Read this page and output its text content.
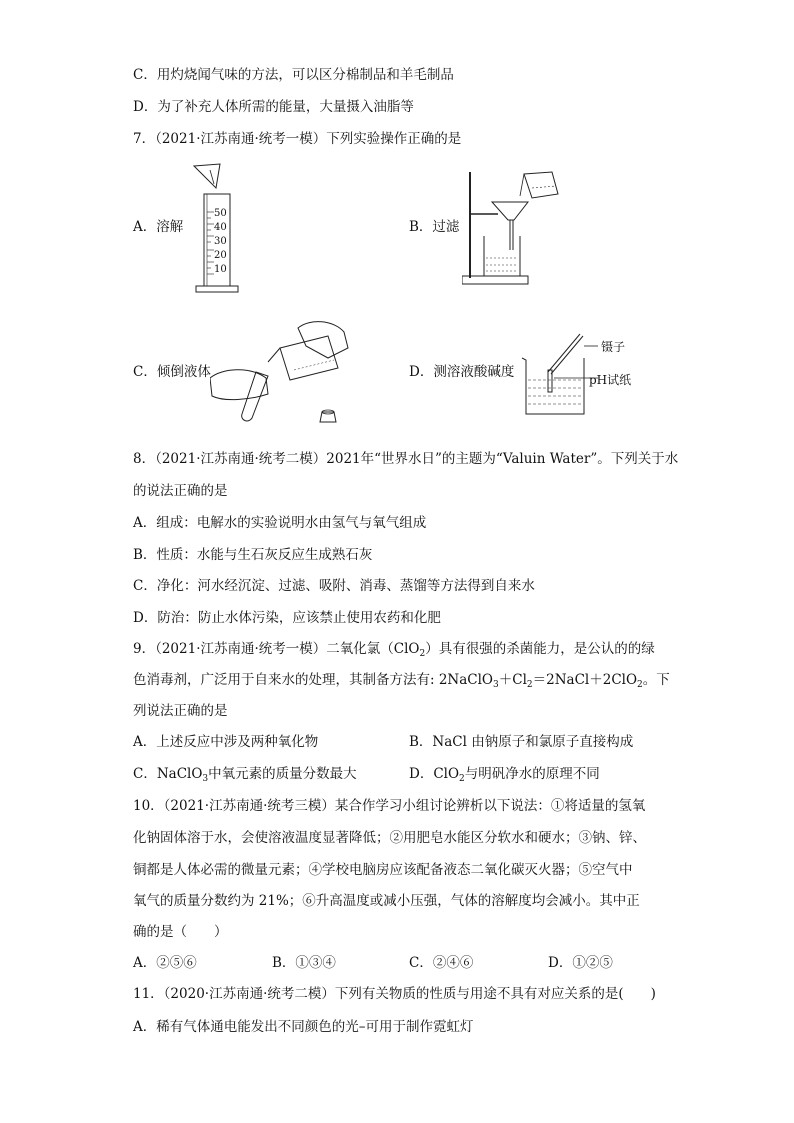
C．用灼烧闻气味的方法，可以区分棉制品和羊毛制品
D．为了补充人体所需的能量，大量摄入油脂等
7．（2021·江苏南通·统考一模）下列实验操作正确的是
A．溶解
50
40
30
20
10
B．过滤
C．倾倒液体	D．测溶液酸碱度
镊子
pH试纸
8．（2021·江苏南通·统考二模）2021年“世界水日”的主题为“Valuin Water”。下列关于水
的说法正确的是
A．组成：电解水的实验说明水由氢气与氧气组成
B．性质：水能与生石灰反应生成熟石灰
C．净化：河水经沉淀、过滤、吸附、消毒、蒸馏等方法得到自来水
D．防治：防止水体污染，应该禁止使用农药和化肥
9．（2021·江苏南通·统考一模）二氧化氯（ClO$_2$）具有很强的杀菌能力，是公认的的绿
色消毒剂，广泛用于自来水的处理，其制备方法有: $2NaClO_3+Cl_2=2NaCl+2ClO_2$。下
列说法正确的是
A．上述反应中涉及两种氧化物	B．NaCl 由钠原子和氯原子直接构成
C．NaClO$_3$中氧元素的质量分数最大	D．ClO$_2$与明矾净水的原理不同
10．（2021·江苏南通·统考三模）某合作学习小组讨论辨析以下说法：①将适量的氢氧
化钠固体溶于水，会使溶液温度显著降低；②用肥皂水能区分软水和硬水；③钠、锌、
铜都是人体必需的微量元素；④学校电脑房应该配备液态二氧化碳灭火器；⑤空气中
氧气的质量分数约为 21%；⑥升高温度或减小压强，气体的溶解度均会减小。其中正
确的是（　　）
A．②⑤⑥	B．①③④	C．②④⑥	D．①②⑤
11．（2020·江苏南通·统考二模）下列有关物质的性质与用途不具有对应关系的是(　　)
A．稀有气体通电能发出不同颜色的光–可用于制作霓虹灯
